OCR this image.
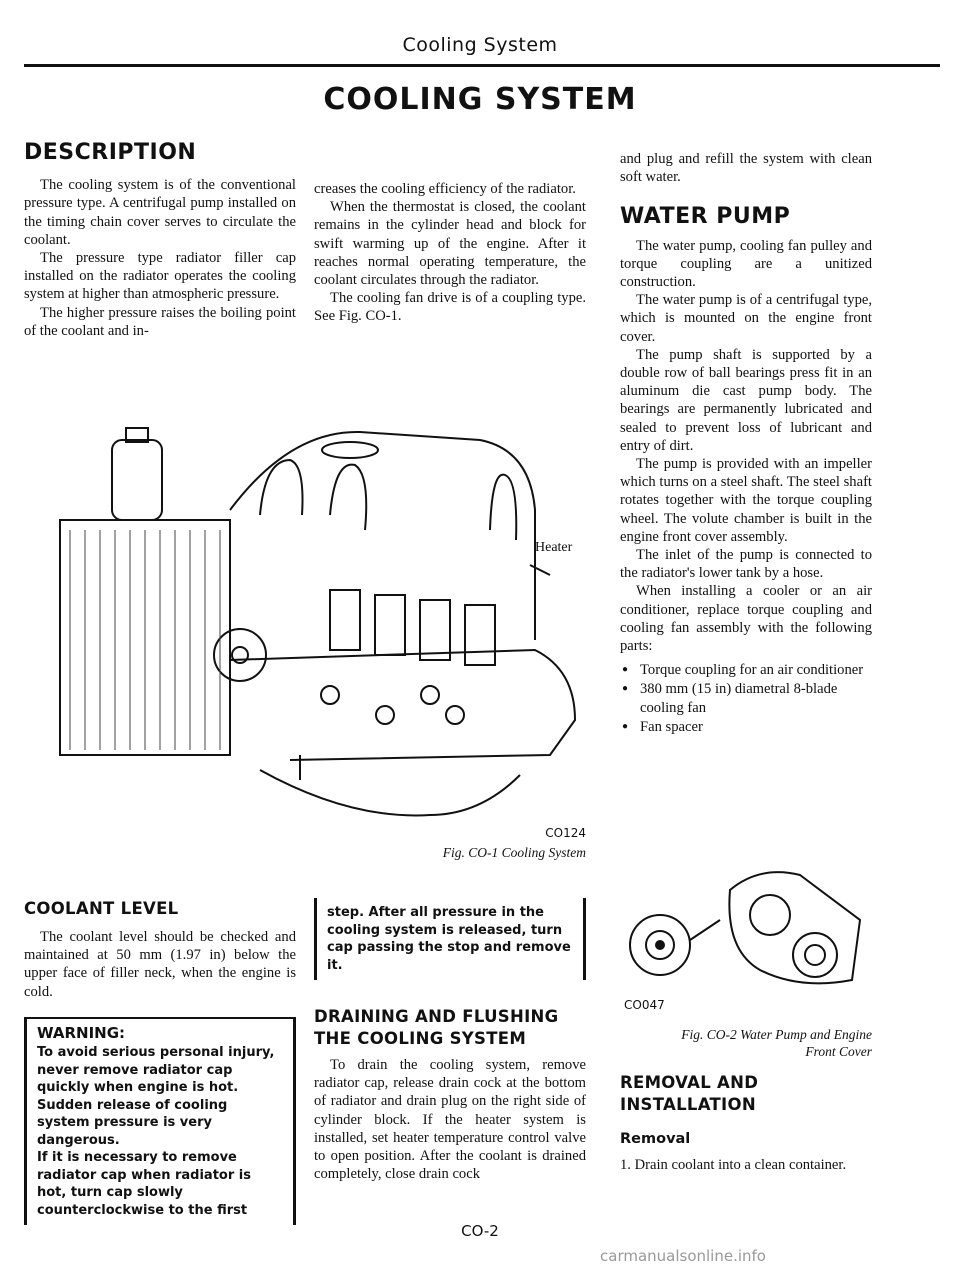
Cooling System
COOLING SYSTEM
DESCRIPTION

The cooling system is of the conventional pressure type. A centrifugal pump installed on the timing chain cover serves to circulate the coolant.

The pressure type radiator filler cap installed on the radiator operates the cooling system at higher than atmospheric pressure.

The higher pressure raises the boiling point of the coolant and in-

COOLANT LEVEL

The coolant level should be checked and maintained at 50 mm (1.97 in) below the upper face of filler neck, when the engine is cold.

WARNING:
To avoid serious personal injury, never remove radiator cap quickly when engine is hot. Sudden release of cooling system pressure is very dangerous.
If it is necessary to remove radiator cap when radiator is hot, turn cap slowly counterclockwise to the first

creases the cooling efficiency of the radiator.

When the thermostat is closed, the coolant remains in the cylinder head and block for swift warming up of the engine. After it reaches normal operating temperature, the coolant circulates through the radiator.

The cooling fan drive is of a coupling type. See Fig. CO-1.

step. After all pressure in the cooling system is released, turn cap passing the stop and remove it.
DRAINING AND FLUSHING
THE COOLING SYSTEM

To drain the cooling system, remove radiator cap, release drain cock at the bottom of radiator and drain plug on the right side of cylinder block. If the heater system is installed, set heater temperature control valve to open position. After the coolant is drained completely, close drain cock

Heater
CO124
Fig. CO-1 Cooling System

and plug and refill the system with clean soft water.

WATER PUMP

The water pump, cooling fan pulley and torque coupling are a unitized construction.

The water pump is of a centrifugal type, which is mounted on the engine front cover.

The pump shaft is supported by a double row of ball bearings press fit in an aluminum die cast pump body. The bearings are permanently lubricated and sealed to prevent loss of lubricant and entry of dirt.

The pump is provided with an impeller which turns on a steel shaft. The steel shaft rotates together with the torque coupling wheel. The volute chamber is built in the engine front cover assembly.

The inlet of the pump is connected to the radiator's lower tank by a hose.

When installing a cooler or an air conditioner, replace torque coupling and cooling fan assembly with the following parts:

● Torque coupling for an air conditioner
● 380 mm (15 in) diametral 8-blade cooling fan
● Fan spacer
CO047
Fig. CO-2 Water Pump and Engine
Front Cover
REMOVAL AND
INSTALLATION
Removal

1. Drain coolant into a clean container.

CO-2
carmanualsonline.info
